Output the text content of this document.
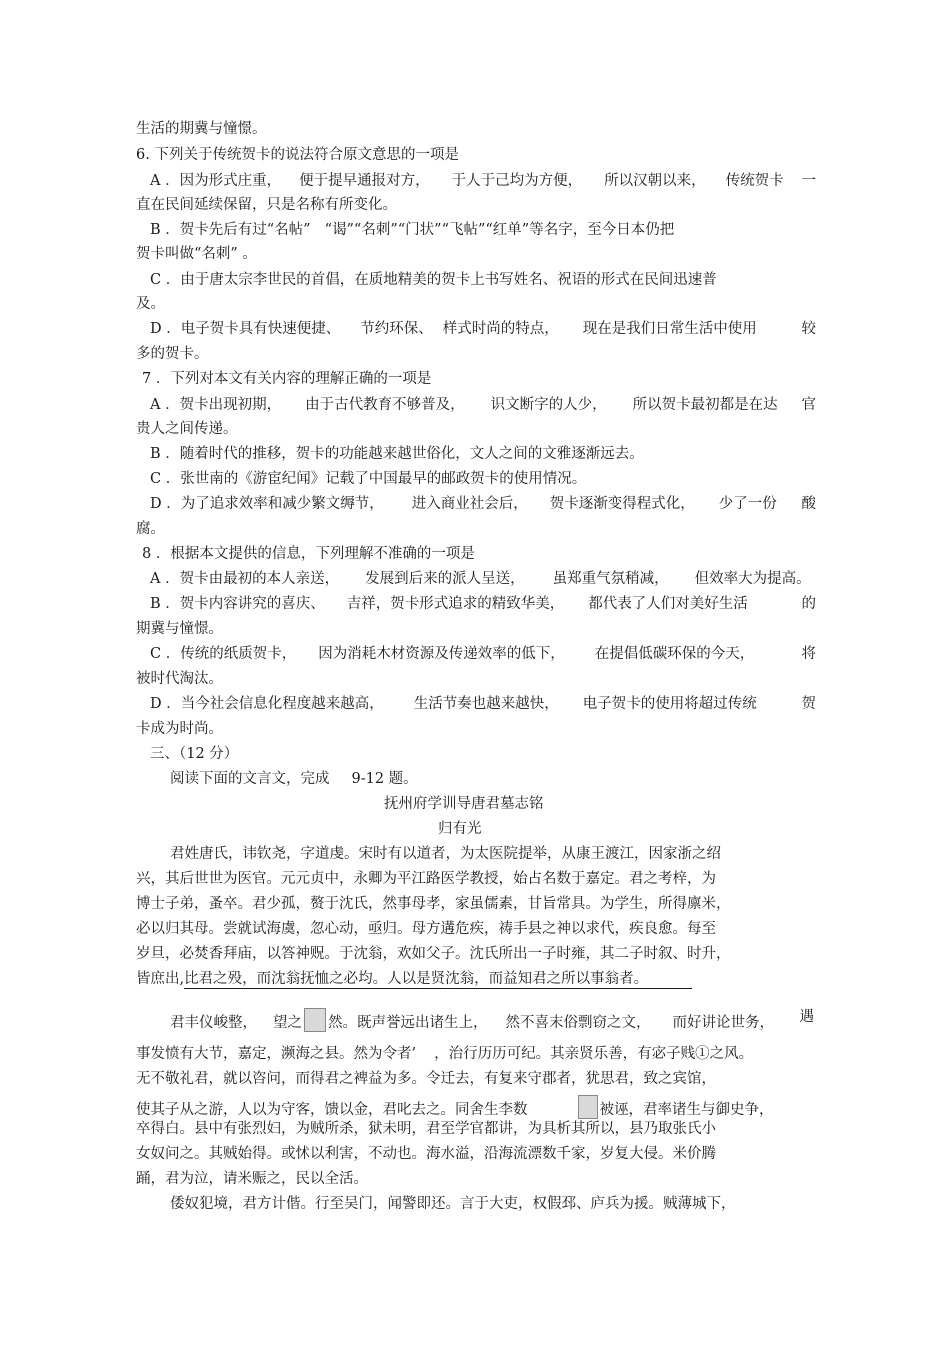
生活的期冀与憧憬。
6. 下列关于传统贺卡的说法符合原文意思的一项是
A ．因为形式庄重， 便于提早通报对方， 于人于己均为方便， 所以汉朝以来， 传统贺卡 一
直在民间延续保留，只是名称有所变化。
B ．贺卡先后有过“名帖” “谒”“名刺”“门状”“飞帖”“红单”等名字，至今日本仍把
贺卡叫做“名刺” 。
C ．由于唐太宗李世民的首倡，在质地精美的贺卡上书写姓名、祝语的形式在民间迅速普
及。
D ．电子贺卡具有快速便捷、 节约环保、 样式时尚的特点， 现在是我们日常生活中使用	较
多的贺卡。
7 ．下列对本文有关内容的理解正确的一项是
A ．贺卡出现初期， 由于古代教育不够普及， 识文断字的人少， 所以贺卡最初都是在达 官
贵人之间传递。
B ．随着时代的推移，贺卡的功能越来越世俗化，文人之间的文雅逐渐远去。
C ．张世南的《游宦纪闻》记载了中国最早的邮政贺卡的使用情况。
D ．为了追求效率和减少繁文缛节， 进入商业社会后， 贺卡逐渐变得程式化， 少了一份 酸
腐。
8 ．根据本文提供的信息，下列理解不准确的一项是
A ．贺卡由最初的本人亲送， 发展到后来的派人呈送， 虽郑重气氛稍减， 但效率大为提高。
B ．贺卡内容讲究的喜庆、 吉祥，贺卡形式追求的精致华美， 都代表了人们对美好生活	的
期冀与憧憬。
C ．传统的纸质贺卡， 因为消耗木材资源及传递效率的低下， 在提倡低碳环保的今天，	将
被时代淘汰。
D ．当今社会信息化程度越来越高， 生活节奏也越来越快， 电子贺卡的使用将超过传统	贺
卡成为时尚。
三、（12 分）
阅读下面的文言文，完成 9-12 题。
抚州府学训导唐君墓志铭
归有光
君姓唐氏，讳钦尧，字道虔。宋时有以道者，为太医院提举，从康王渡江，因家浙之绍
兴，其后世世为医官。元元贞中，永卿为平江路医学教授，始占名数于嘉定。君之考梓，为
博士子弟，蚤卒。君少孤，赘于沈氏，然事母孝，家虽儒素，甘旨常具。为学生，所得廪米，
必以归其母。尝就试海虞，忽心动，亟归。母方遘危疾，祷手县之神以求代，疾良愈。每至
岁旦，必焚香拜庙，以答神贶。于沈翁，欢如父子。沈氏所出一子时雍，其二子时叙、时升，
皆庶出,比君之殁，而沈翁抚恤之必均。人以是贤沈翁，而益知君之所以事翁者。
君丰仪峻整， 望之 然。既声誉远出诸生上， 然不喜末俗剽窃之文， 而好讲论世务， 遇
事发愤有大节，嘉定，濒海之县。然为令者’ ，治行历历可纪。其亲贤乐善，有宓子贱①之风。
无不敬礼君，就以咨问，而得君之裨益为多。令迁去，有复来守郡者，犹思君，致之宾馆，
使其子从之游，人以为守客，馈以金，君叱去之。同舍生李数	被诬，君率诸生与御史争，
卒得白。县中有张烈妇，为贼所杀，狱未明，君至学官都讲，为具析其所以，县乃取张氏小
女奴问之。其贼始得。或怵以利害，不动也。海水溢，沿海流漂数千家，岁复大侵。米价腾
踊，君为泣，请米赈之，民以全活。
倭奴犯境，君方计偕。行至吴门，闻警即还。言于大吏，权假邳、庐兵为援。贼薄城下，
